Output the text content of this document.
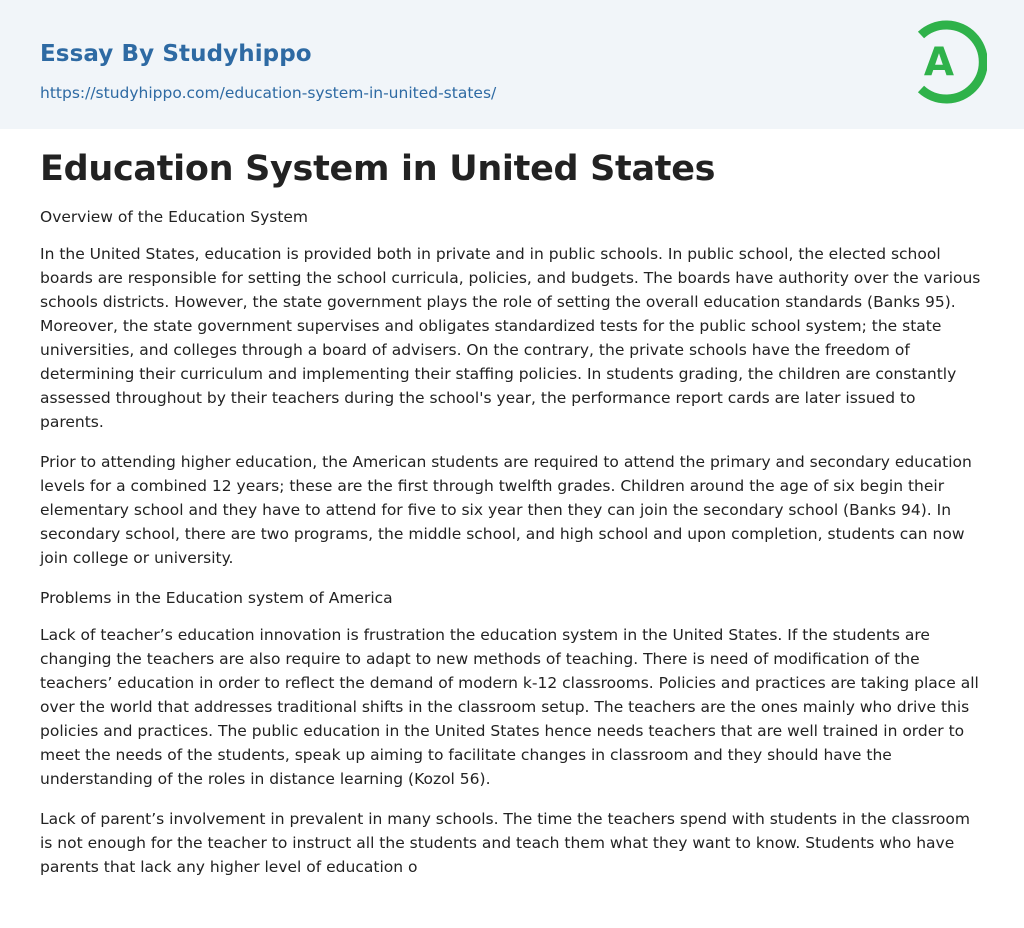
Essay By Studyhippo
https://studyhippo.com/education-system-in-united-states/
A
Education System in United States
Overview of the Education System

In the United States, education is provided both in private and in public schools. In public school, the elected school boards are responsible for setting the school curricula, policies, and budgets. The boards have authority over the various schools districts. However, the state government plays the role of setting the overall education standards (Banks 95). Moreover, the state government supervises and obligates standardized tests for the public school system; the state universities, and colleges through a board of advisers. On the contrary, the private schools have the freedom of determining their curriculum and implementing their staffing policies. In students grading, the children are constantly assessed throughout by their teachers during the school's year, the performance report cards are later issued to parents.

Prior to attending higher education, the American students are required to attend the primary and secondary education levels for a combined 12 years; these are the first through twelfth grades. Children around the age of six begin their elementary school and they have to attend for five to six year then they can join the secondary school (Banks 94). In secondary school, there are two programs, the middle school, and high school and upon completion, students can now join college or university.

Problems in the Education system of America

Lack of teacher’s education innovation is frustration the education system in the United States. If the students are changing the teachers are also require to adapt to new methods of teaching. There is need of modification of the teachers’ education in order to reflect the demand of modern k-12 classrooms. Policies and practices are taking place all over the world that addresses traditional shifts in the classroom setup. The teachers are the ones mainly who drive this policies and practices. The public education in the United States hence needs teachers that are well trained in order to meet the needs of the students, speak up aiming to facilitate changes in classroom and they should have the understanding of the roles in distance learning (Kozol 56).

Lack of parent’s involvement in prevalent in many schools. The time the teachers spend with students in the classroom is not enough for the teacher to instruct all the students and teach them what they want to know. Students who have parents that lack any higher level of education o
